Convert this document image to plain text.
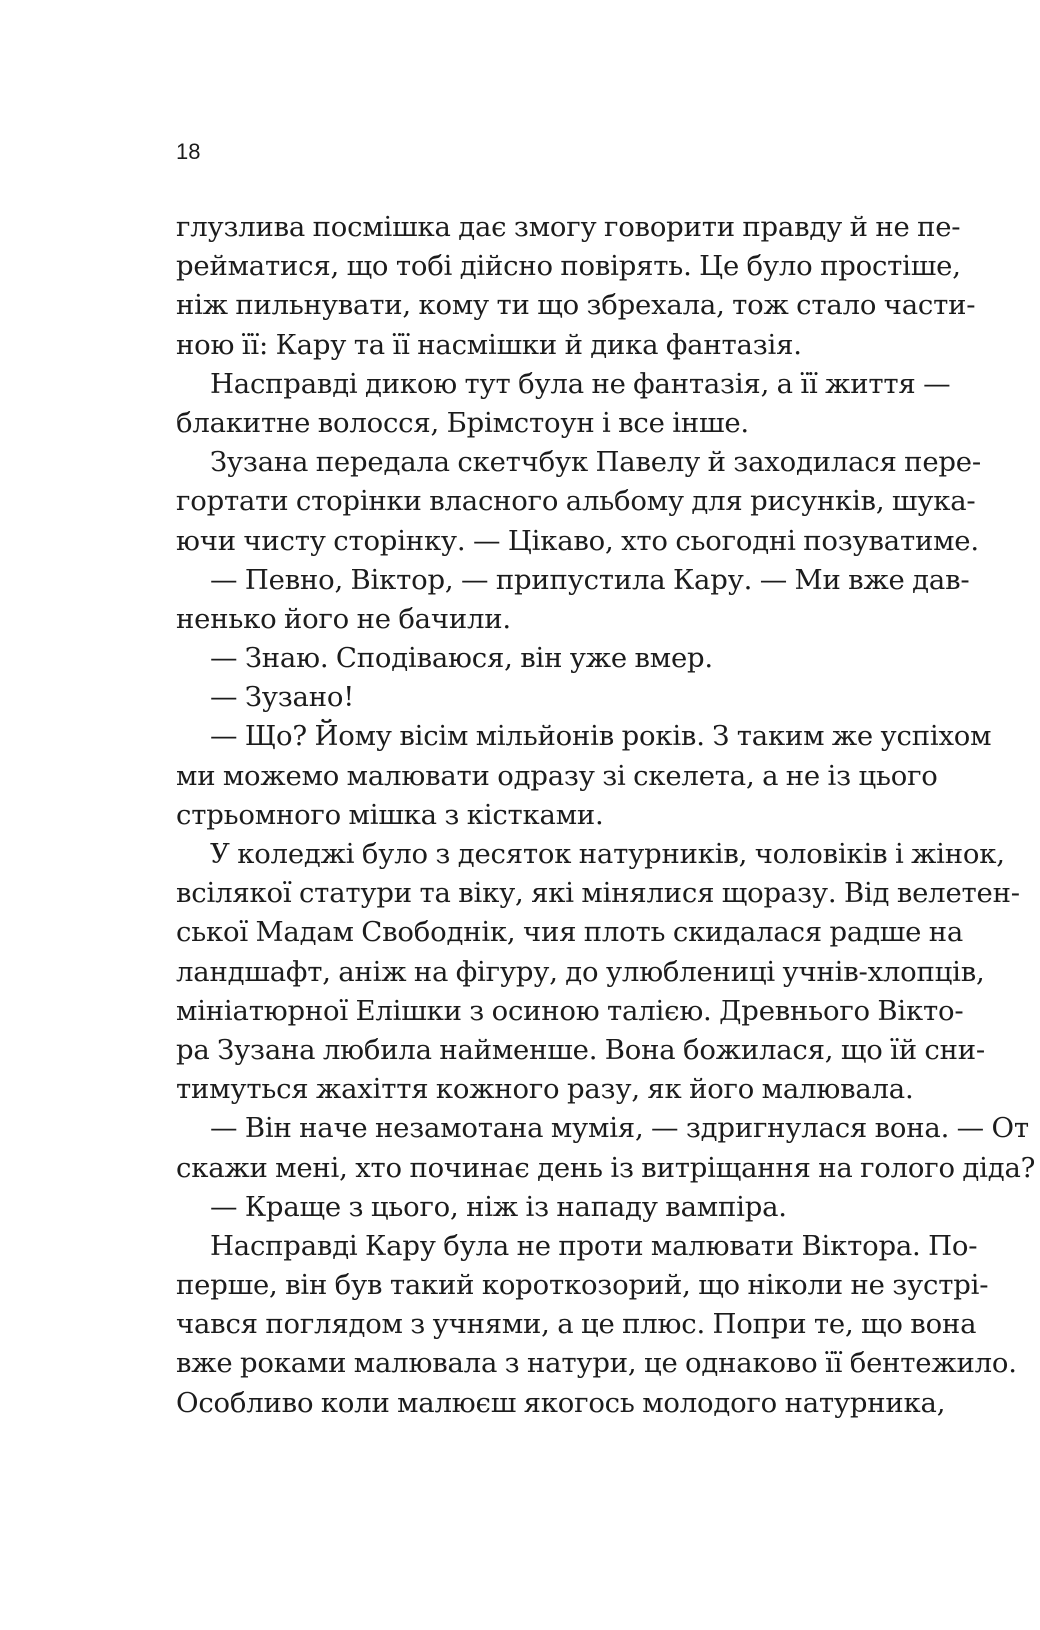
18
глузлива посмішка дає змогу говорити правду й не пе-
рейматися, що тобі дійсно повірять. Це було простіше,
ніж пильнувати, кому ти що збрехала, тож стало части-
ною її: Кару та її насмішки й дика фантазія.
Насправді дикою тут була не фантазія, а її життя —
блакитне волосся, Брімстоун і все інше.
Зузана передала скетчбук Павелу й заходилася пере-
гортати сторінки власного альбому для рисунків, шука-
ючи чисту сторінку. — Цікаво, хто сьогодні позуватиме.
— Певно, Віктор, — припустила Кару. — Ми вже дав-
ненько його не бачили.
— Знаю. Сподіваюся, він уже вмер.
— Зузано!
— Що? Йому вісім мільйонів років. З таким же успіхом
ми можемо малювати одразу зі скелета, а не із цього
стрьомного мішка з кістками.
У коледжі було з десяток натурників, чоловіків і жінок,
всілякої статури та віку, які мінялися щоразу. Від велетен-
ської Мадам Свободнік, чия плоть скидалася радше на
ландшафт, аніж на фігуру, до улюблениці учнів-хлопців,
мініатюрної Елішки з осиною талією. Древнього Вікто-
ра Зузана любила найменше. Вона божилася, що їй сни-
тимуться жахіття кожного разу, як його малювала.
— Він наче незамотана мумія, — здригнулася вона. — От
скажи мені, хто починає день із витріщання на голого діда?
— Краще з цього, ніж із нападу вампіра.
Насправді Кару була не проти малювати Віктора. По-
перше, він був такий короткозорий, що ніколи не зустрі-
чався поглядом з учнями, а це плюс. Попри те, що вона
вже роками малювала з натури, це однаково її бентежило.
Особливо коли малюєш якогось молодого натурника,
